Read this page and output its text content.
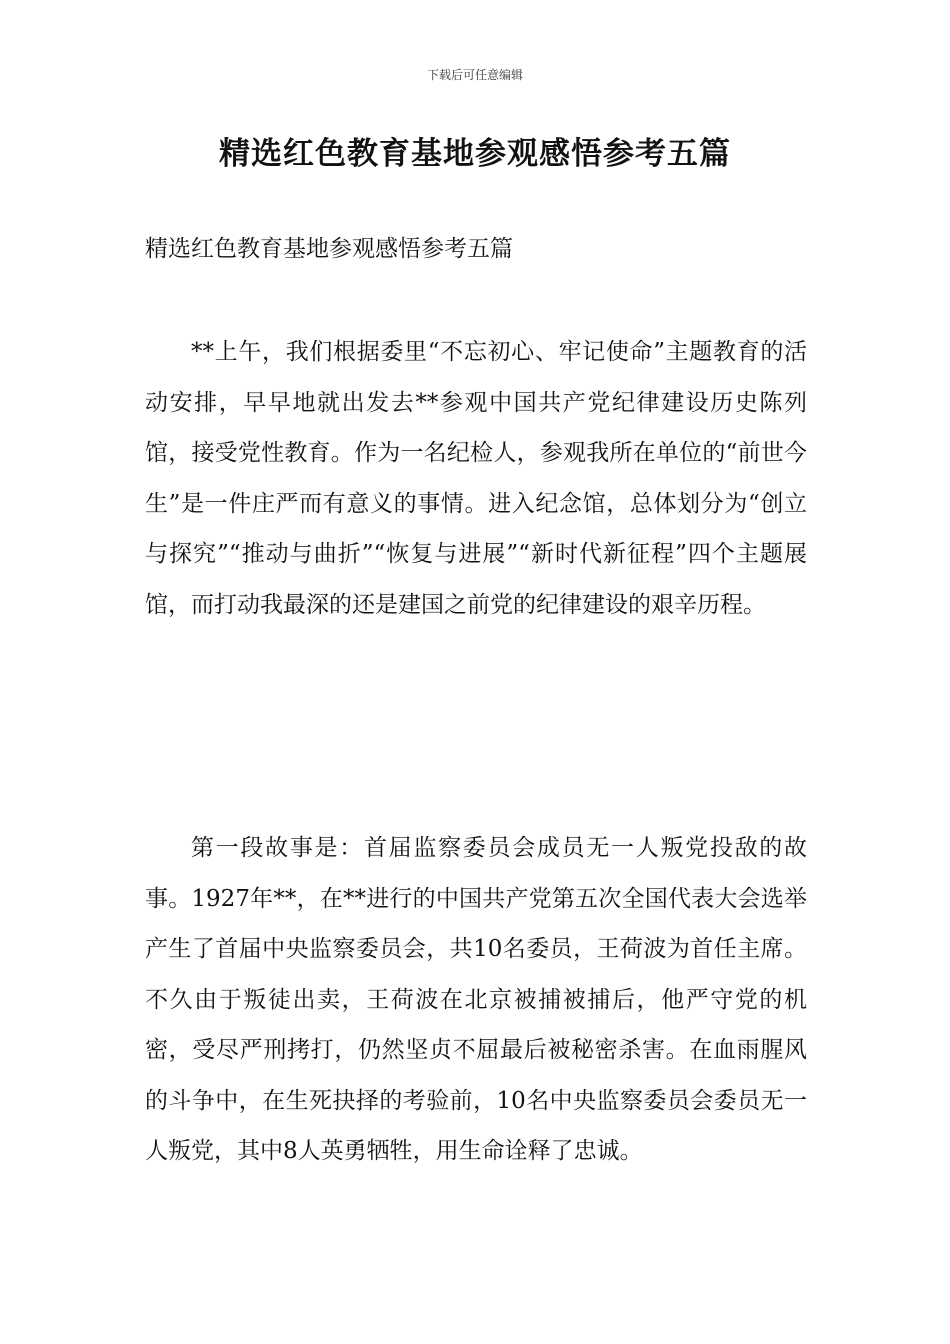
下载后可任意编辑
精选红色教育基地参观感悟参考五篇

精选红色教育基地参观感悟参考五篇

**上午，我们根据委里“不忘初心、牢记使命”主题教育的活动安排，早早地就出发去**参观中国共产党纪律建设历史陈列馆，接受党性教育。作为一名纪检人，参观我所在单位的“前世今生”是一件庄严而有意义的事情。进入纪念馆，总体划分为“创立与探究”“推动与曲折”“恢复与进展”“新时代新征程”四个主题展馆，而打动我最深的还是建国之前党的纪律建设的艰辛历程。

第一段故事是：首届监察委员会成员无一人叛党投敌的故事。1927年**，在**进行的中国共产党第五次全国代表大会选举产生了首届中央监察委员会，共10名委员，王荷波为首任主席。不久由于叛徒出卖，王荷波在北京被捕被捕后，他严守党的机密，受尽严刑拷打，仍然坚贞不屈最后被秘密杀害。在血雨腥风的斗争中，在生死抉择的考验前，10名中央监察委员会委员无一人叛党，其中8人英勇牺牲，用生命诠释了忠诚。
